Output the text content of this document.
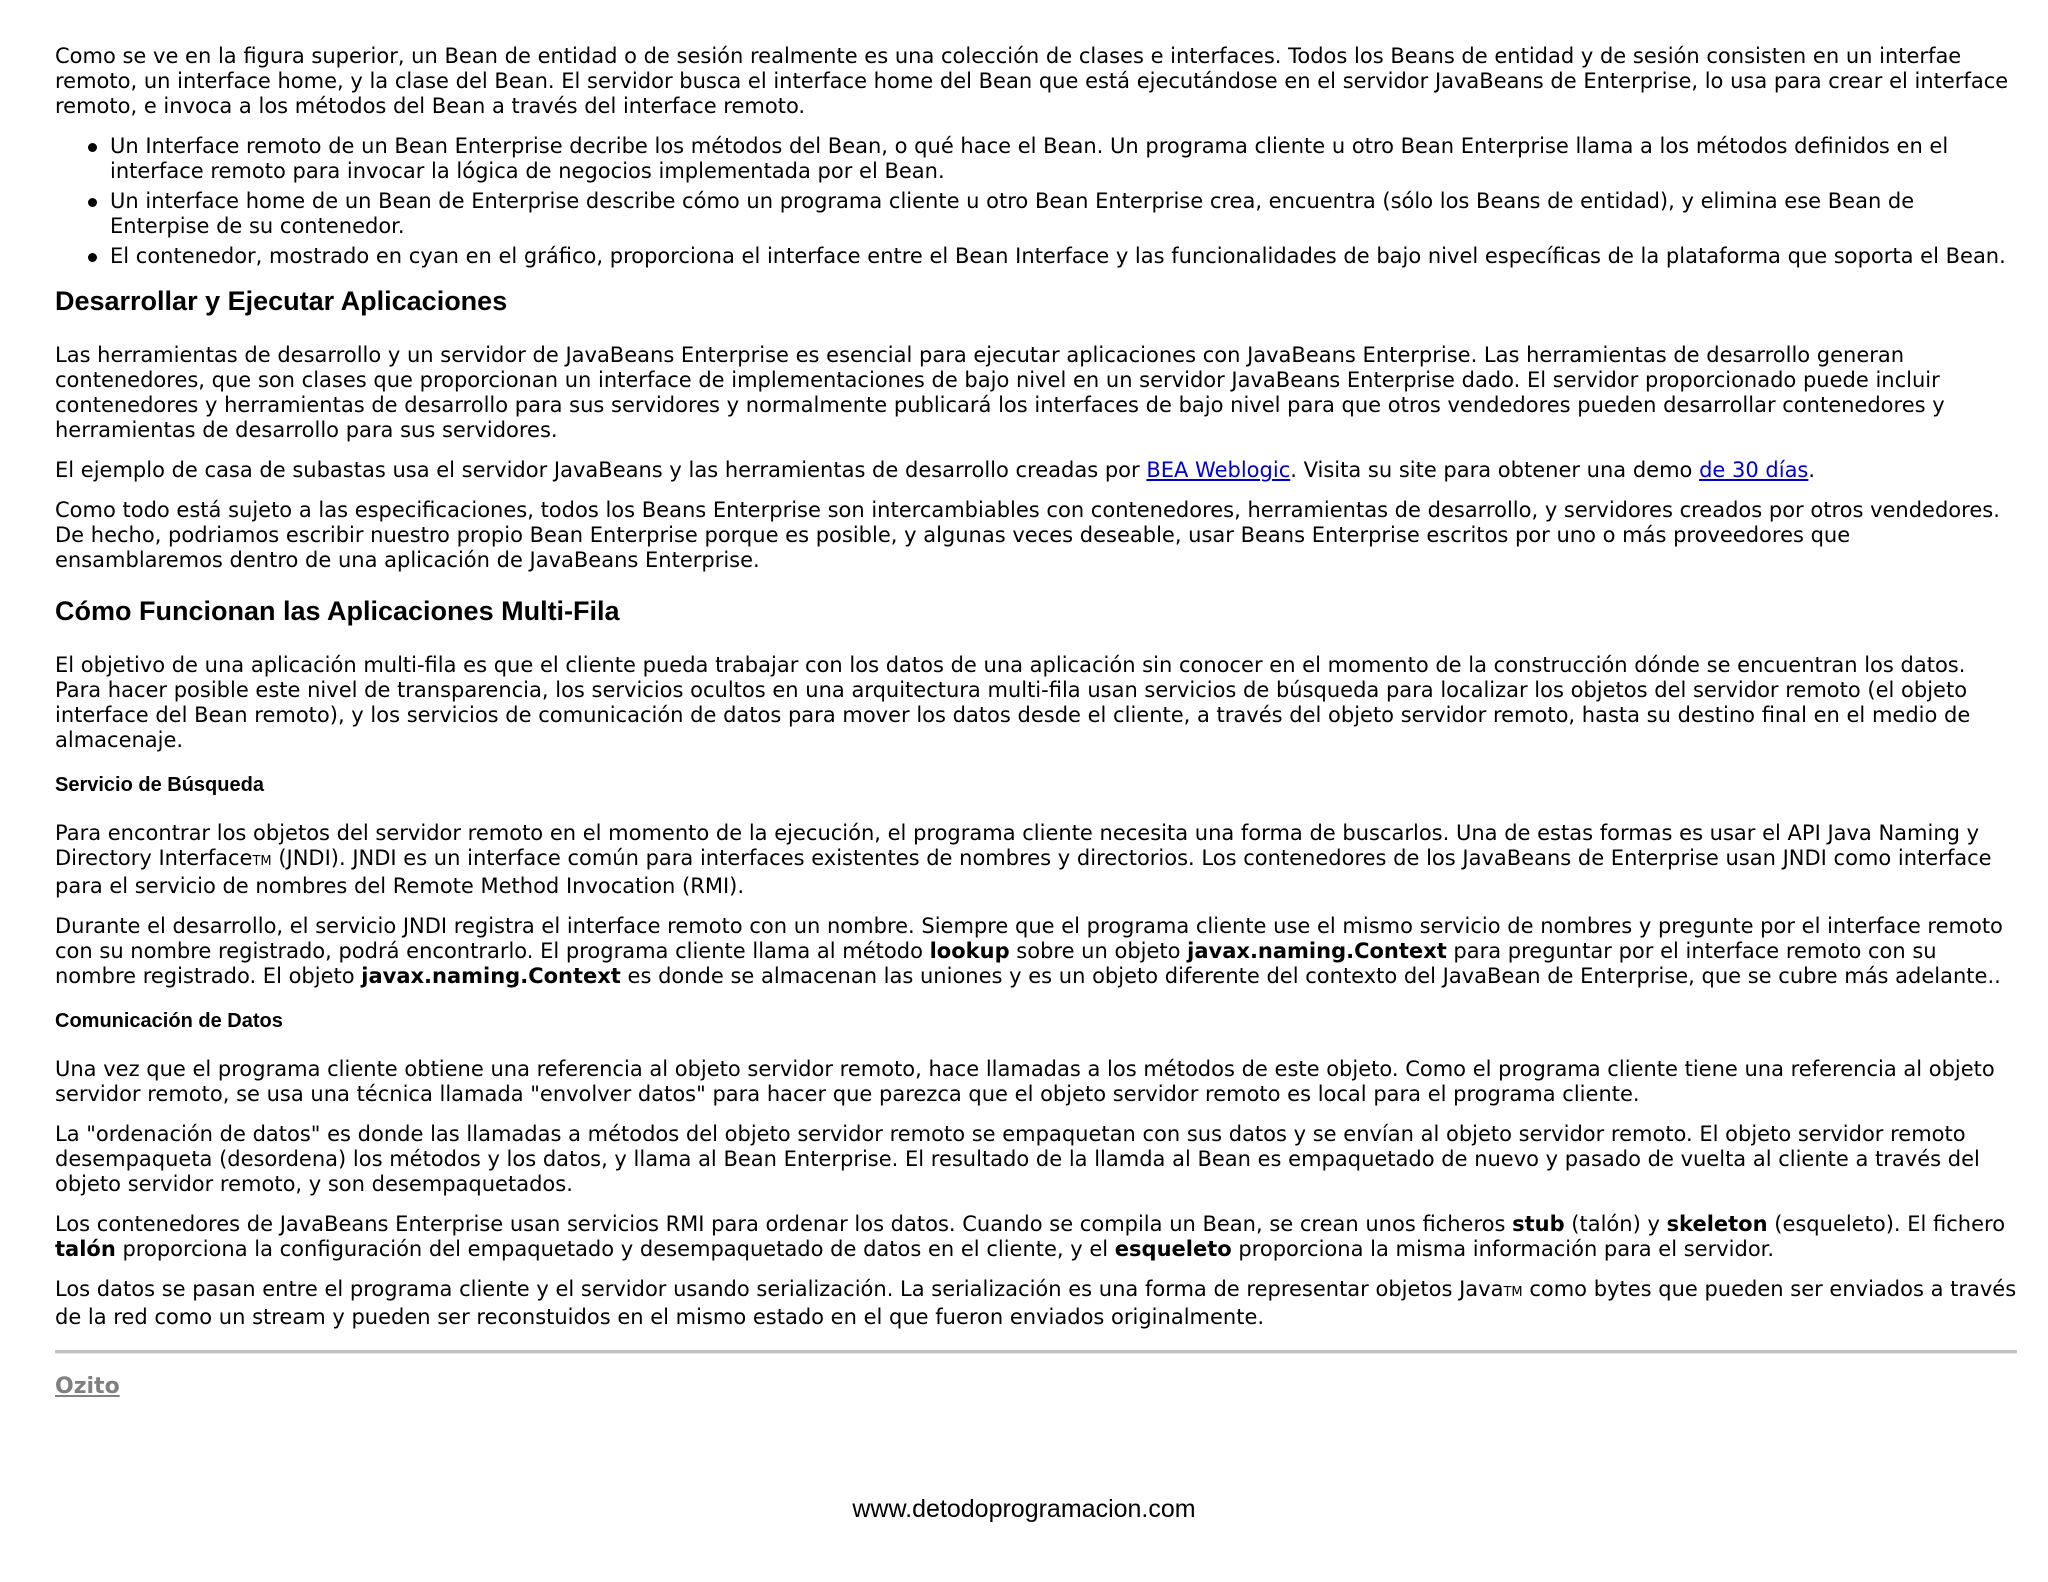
Como se ve en la figura superior, un Bean de entidad o de sesión realmente es una colección de clases e interfaces. Todos los Beans de entidad y de sesión consisten en un interfae remoto, un interface home, y la clase del Bean. El servidor busca el interface home del Bean que está ejecutándose en el servidor JavaBeans de Enterprise, lo usa para crear el interface remoto, e invoca a los métodos del Bean a través del interface remoto.

Un Interface remoto de un Bean Enterprise decribe los métodos del Bean, o qué hace el Bean. Un programa cliente u otro Bean Enterprise llama a los métodos definidos en el interface remoto para invocar la lógica de negocios implementada por el Bean.
Un interface home de un Bean de Enterprise describe cómo un programa cliente u otro Bean Enterprise crea, encuentra (sólo los Beans de entidad), y elimina ese Bean de Enterpise de su contenedor.
El contenedor, mostrado en cyan en el gráfico, proporciona el interface entre el Bean Interface y las funcionalidades de bajo nivel específicas de la plataforma que soporta el Bean.
Desarrollar y Ejecutar Aplicaciones

Las herramientas de desarrollo y un servidor de JavaBeans Enterprise es esencial para ejecutar aplicaciones con JavaBeans Enterprise. Las herramientas de desarrollo generan contenedores, que son clases que proporcionan un interface de implementaciones de bajo nivel en un servidor JavaBeans Enterprise dado. El servidor proporcionado puede incluir contenedores y herramientas de desarrollo para sus servidores y normalmente publicará los interfaces de bajo nivel para que otros vendedores pueden desarrollar contenedores y herramientas de desarrollo para sus servidores.

El ejemplo de casa de subastas usa el servidor JavaBeans y las herramientas de desarrollo creadas por BEA Weblogic. Visita su site para obtener una demo de 30 días.

Como todo está sujeto a las especificaciones, todos los Beans Enterprise son intercambiables con contenedores, herramientas de desarrollo, y servidores creados por otros vendedores. De hecho, podriamos escribir nuestro propio Bean Enterprise porque es posible, y algunas veces deseable, usar Beans Enterprise escritos por uno o más proveedores que ensamblaremos dentro de una aplicación de JavaBeans Enterprise.

Cómo Funcionan las Aplicaciones Multi-Fila

El objetivo de una aplicación multi-fila es que el cliente pueda trabajar con los datos de una aplicación sin conocer en el momento de la construcción dónde se encuentran los datos. Para hacer posible este nivel de transparencia, los servicios ocultos en una arquitectura multi-fila usan servicios de búsqueda para localizar los objetos del servidor remoto (el objeto interface del Bean remoto), y los servicios de comunicación de datos para mover los datos desde el cliente, a través del objeto servidor remoto, hasta su destino final en el medio de almacenaje.

Servicio de Búsqueda

Para encontrar los objetos del servidor remoto en el momento de la ejecución, el programa cliente necesita una forma de buscarlos. Una de estas formas es usar el API Java Naming y Directory InterfaceTM (JNDI). JNDI es un interface común para interfaces existentes de nombres y directorios. Los contenedores de los JavaBeans de Enterprise usan JNDI como interface para el servicio de nombres del Remote Method Invocation (RMI).

Durante el desarrollo, el servicio JNDI registra el interface remoto con un nombre. Siempre que el programa cliente use el mismo servicio de nombres y pregunte por el interface remoto con su nombre registrado, podrá encontrarlo. El programa cliente llama al método lookup sobre un objeto javax.naming.Context para preguntar por el interface remoto con su nombre registrado. El objeto javax.naming.Context es donde se almacenan las uniones y es un objeto diferente del contexto del JavaBean de Enterprise, que se cubre más adelante..

Comunicación de Datos

Una vez que el programa cliente obtiene una referencia al objeto servidor remoto, hace llamadas a los métodos de este objeto. Como el programa cliente tiene una referencia al objeto servidor remoto, se usa una técnica llamada "envolver datos" para hacer que parezca que el objeto servidor remoto es local para el programa cliente.

La "ordenación de datos" es donde las llamadas a métodos del objeto servidor remoto se empaquetan con sus datos y se envían al objeto servidor remoto. El objeto servidor remoto desempaqueta (desordena) los métodos y los datos, y llama al Bean Enterprise. El resultado de la llamda al Bean es empaquetado de nuevo y pasado de vuelta al cliente a través del objeto servidor remoto, y son desempaquetados.

Los contenedores de JavaBeans Enterprise usan servicios RMI para ordenar los datos. Cuando se compila un Bean, se crean unos ficheros stub (talón) y skeleton (esqueleto). El fichero talón proporciona la configuración del empaquetado y desempaquetado de datos en el cliente, y el esqueleto proporciona la misma información para el servidor.

Los datos se pasan entre el programa cliente y el servidor usando serialización. La serialización es una forma de representar objetos JavaTM como bytes que pueden ser enviados a través de la red como un stream y pueden ser reconstuidos en el mismo estado en el que fueron enviados originalmente.

Ozito
www.detodoprogramacion.com
